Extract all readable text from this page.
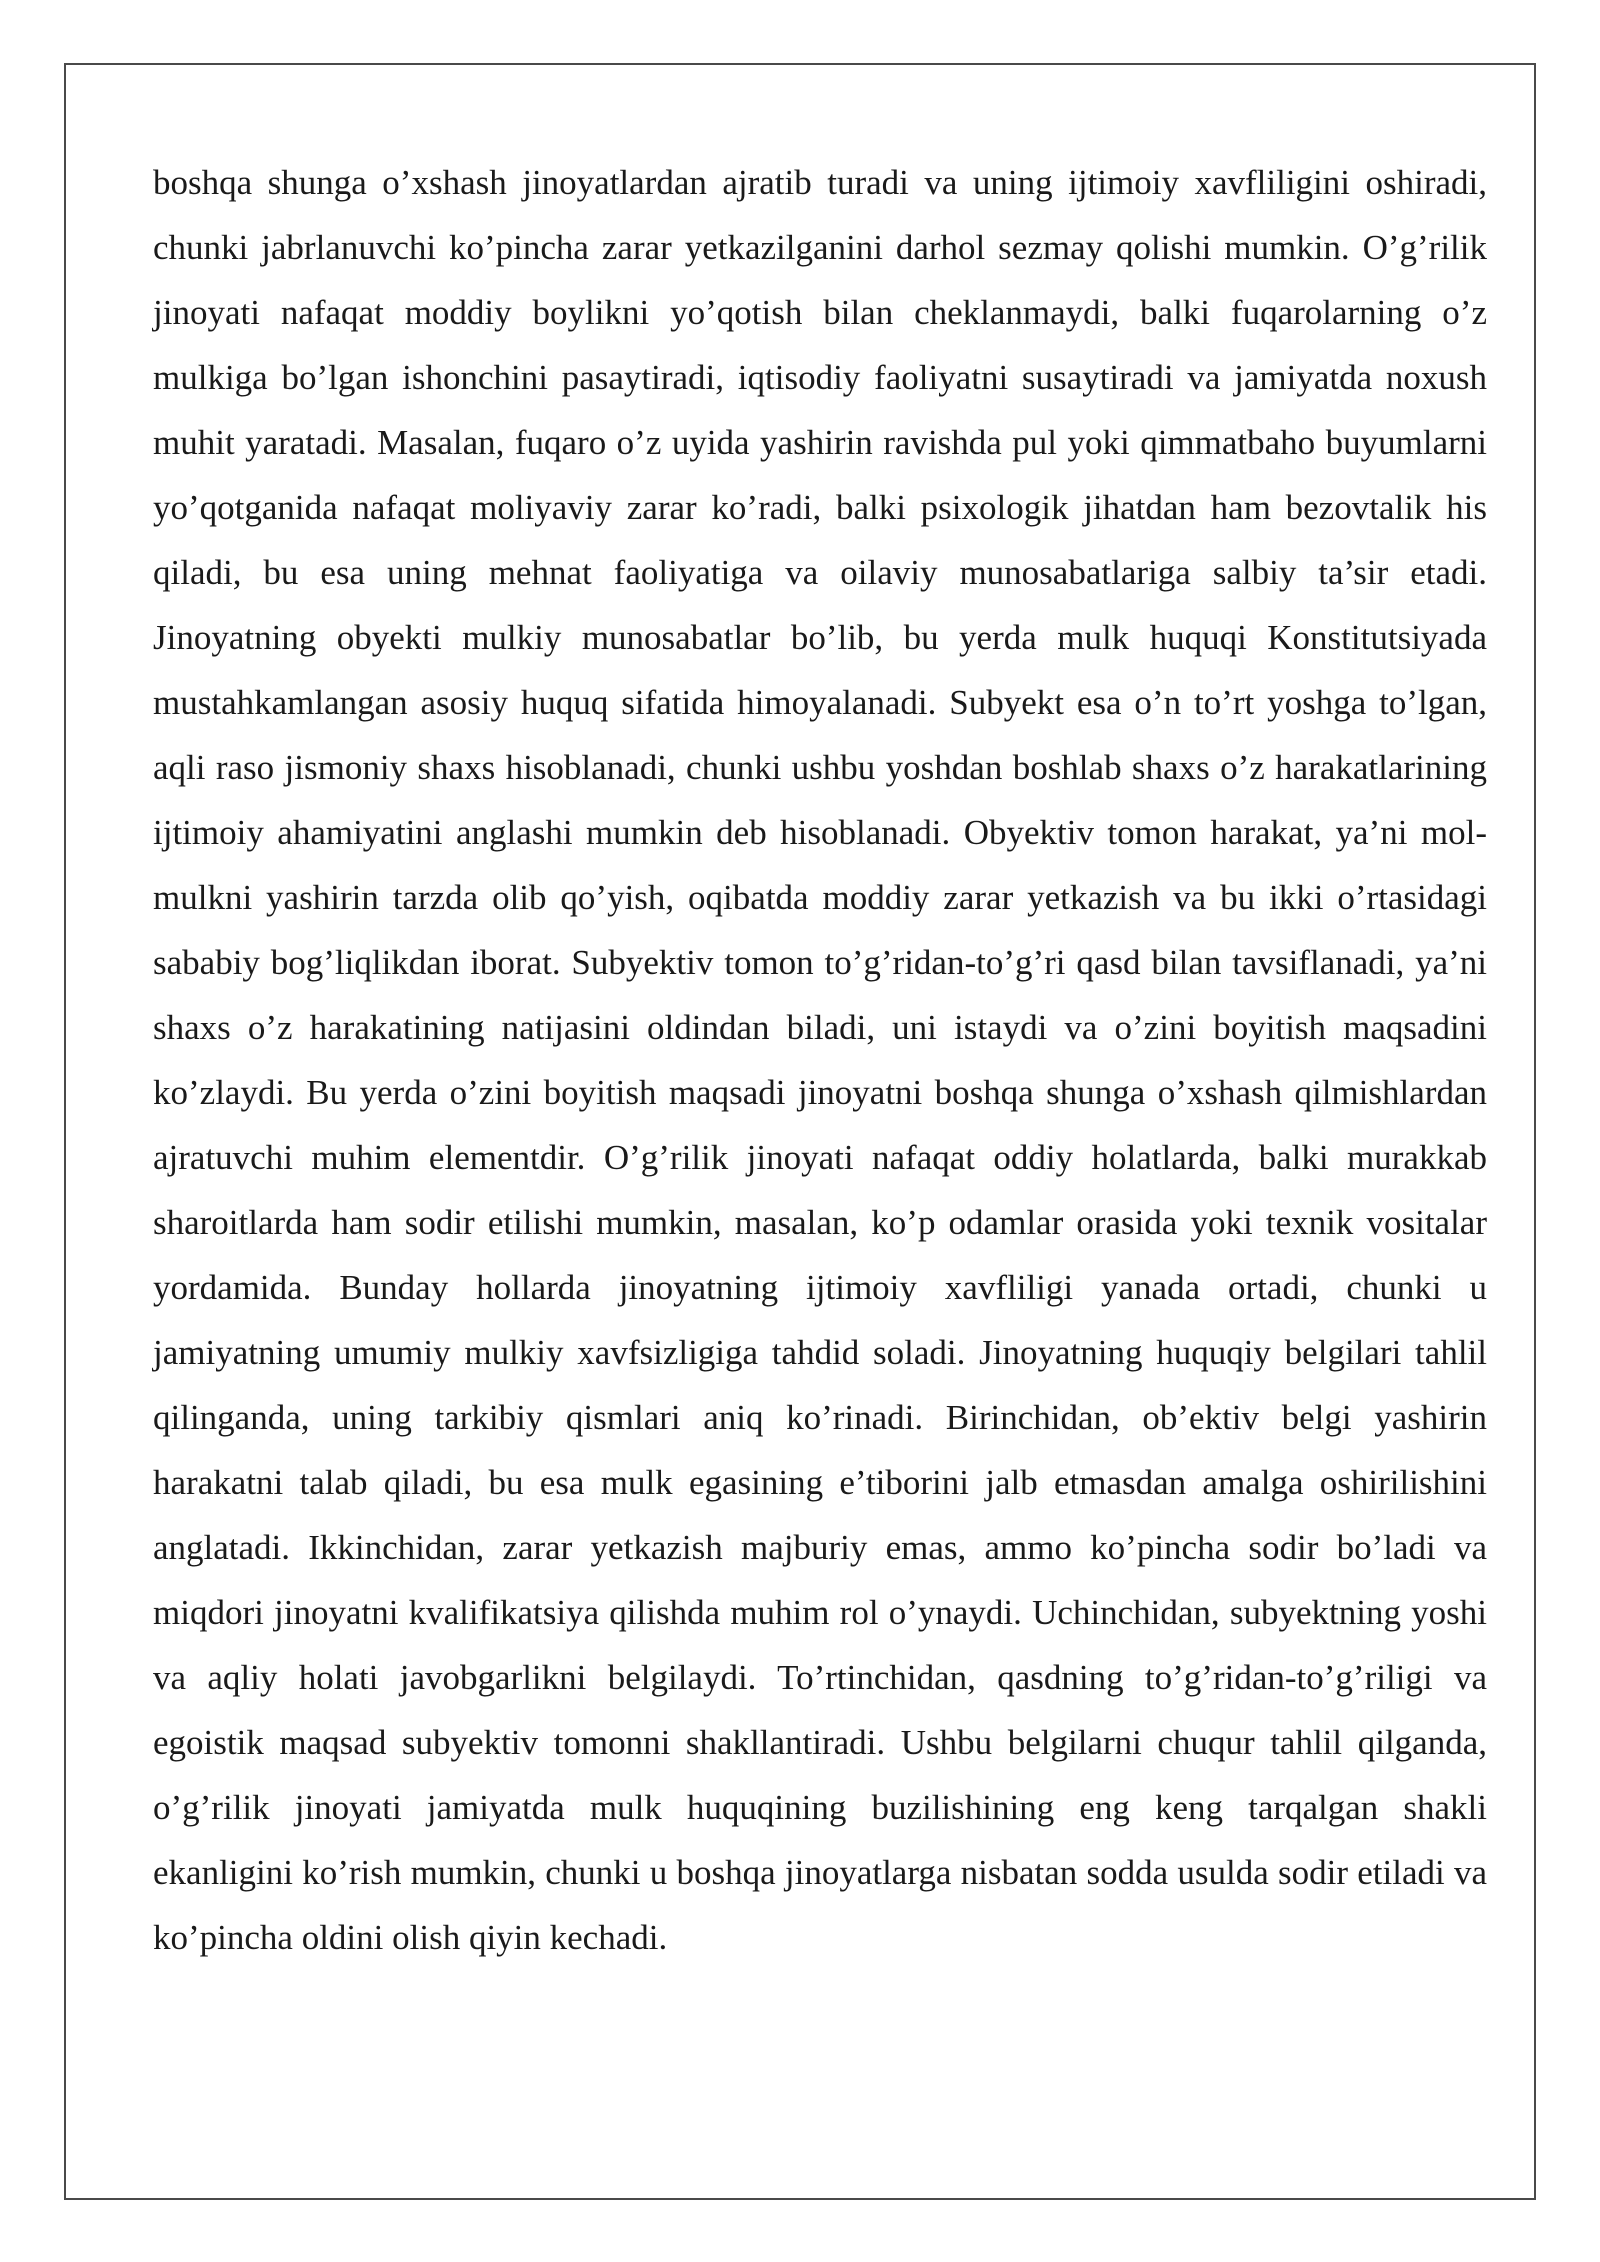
boshqa shunga o’xshash jinoyatlardan ajratib turadi va uning ijtimoiy xavfliligini oshiradi, chunki jabrlanuvchi ko’pincha zarar yetkazilganini darhol sezmay qolishi mumkin. O’g’rilik jinoyati nafaqat moddiy boylikni yo’qotish bilan cheklanmaydi, balki fuqarolarning o’z mulkiga bo’lgan ishonchini pasaytiradi, iqtisodiy faoliyatni susaytiradi va jamiyatda noxush muhit yaratadi. Masalan, fuqaro o’z uyida yashirin ravishda pul yoki qimmatbaho buyumlarni yo’qotganida nafaqat moliyaviy zarar ko’radi, balki psixologik jihatdan ham bezovtalik his qiladi, bu esa uning mehnat faoliyatiga va oilaviy munosabatlariga salbiy ta’sir etadi. Jinoyatning obyekti mulkiy munosabatlar bo’lib, bu yerda mulk huquqi Konstitutsiyada mustahkamlangan asosiy huquq sifatida himoyalanadi. Subyekt esa o’n to’rt yoshga to’lgan, aqli raso jismoniy shaxs hisoblanadi, chunki ushbu yoshdan boshlab shaxs o’z harakatlarining ijtimoiy ahamiyatini anglashi mumkin deb hisoblanadi. Obyektiv tomon harakat, ya’ni mol-mulkni yashirin tarzda olib qo’yish, oqibatda moddiy zarar yetkazish va bu ikki o’rtasidagi sababiy bog’liqlikdan iborat. Subyektiv tomon to’g’ridan-to’g’ri qasd bilan tavsiflanadi, ya’ni shaxs o’z harakatining natijasini oldindan biladi, uni istaydi va o’zini boyitish maqsadini ko’zlaydi. Bu yerda o’zini boyitish maqsadi jinoyatni boshqa shunga o’xshash qilmishlardan ajratuvchi muhim elementdir. O’g’rilik jinoyati nafaqat oddiy holatlarda, balki murakkab sharoitlarda ham sodir etilishi mumkin, masalan, ko’p odamlar orasida yoki texnik vositalar yordamida. Bunday hollarda jinoyatning ijtimoiy xavfliligi yanada ortadi, chunki u jamiyatning umumiy mulkiy xavfsizligiga tahdid soladi. Jinoyatning huquqiy belgilari tahlil qilinganda, uning tarkibiy qismlari aniq ko’rinadi. Birinchidan, ob’ektiv belgi yashirin harakatni talab qiladi, bu esa mulk egasining e’tiborini jalb etmasdan amalga oshirilishini anglatadi. Ikkinchidan, zarar yetkazish majburiy emas, ammo ko’pincha sodir bo’ladi va miqdori jinoyatni kvalifikatsiya qilishda muhim rol o’ynaydi. Uchinchidan, subyektning yoshi va aqliy holati javobgarlikni belgilaydi. To’rtinchidan, qasdning to’g’ridan-to’g’riligi va egoistik maqsad subyektiv tomonni shakllantiradi. Ushbu belgilarni chuqur tahlil qilganda, o’g’rilik jinoyati jamiyatda mulk huquqining buzilishining eng keng tarqalgan shakli ekanligini ko’rish mumkin, chunki u boshqa jinoyatlarga nisbatan sodda usulda sodir etiladi va ko’pincha oldini olish qiyin kechadi.
